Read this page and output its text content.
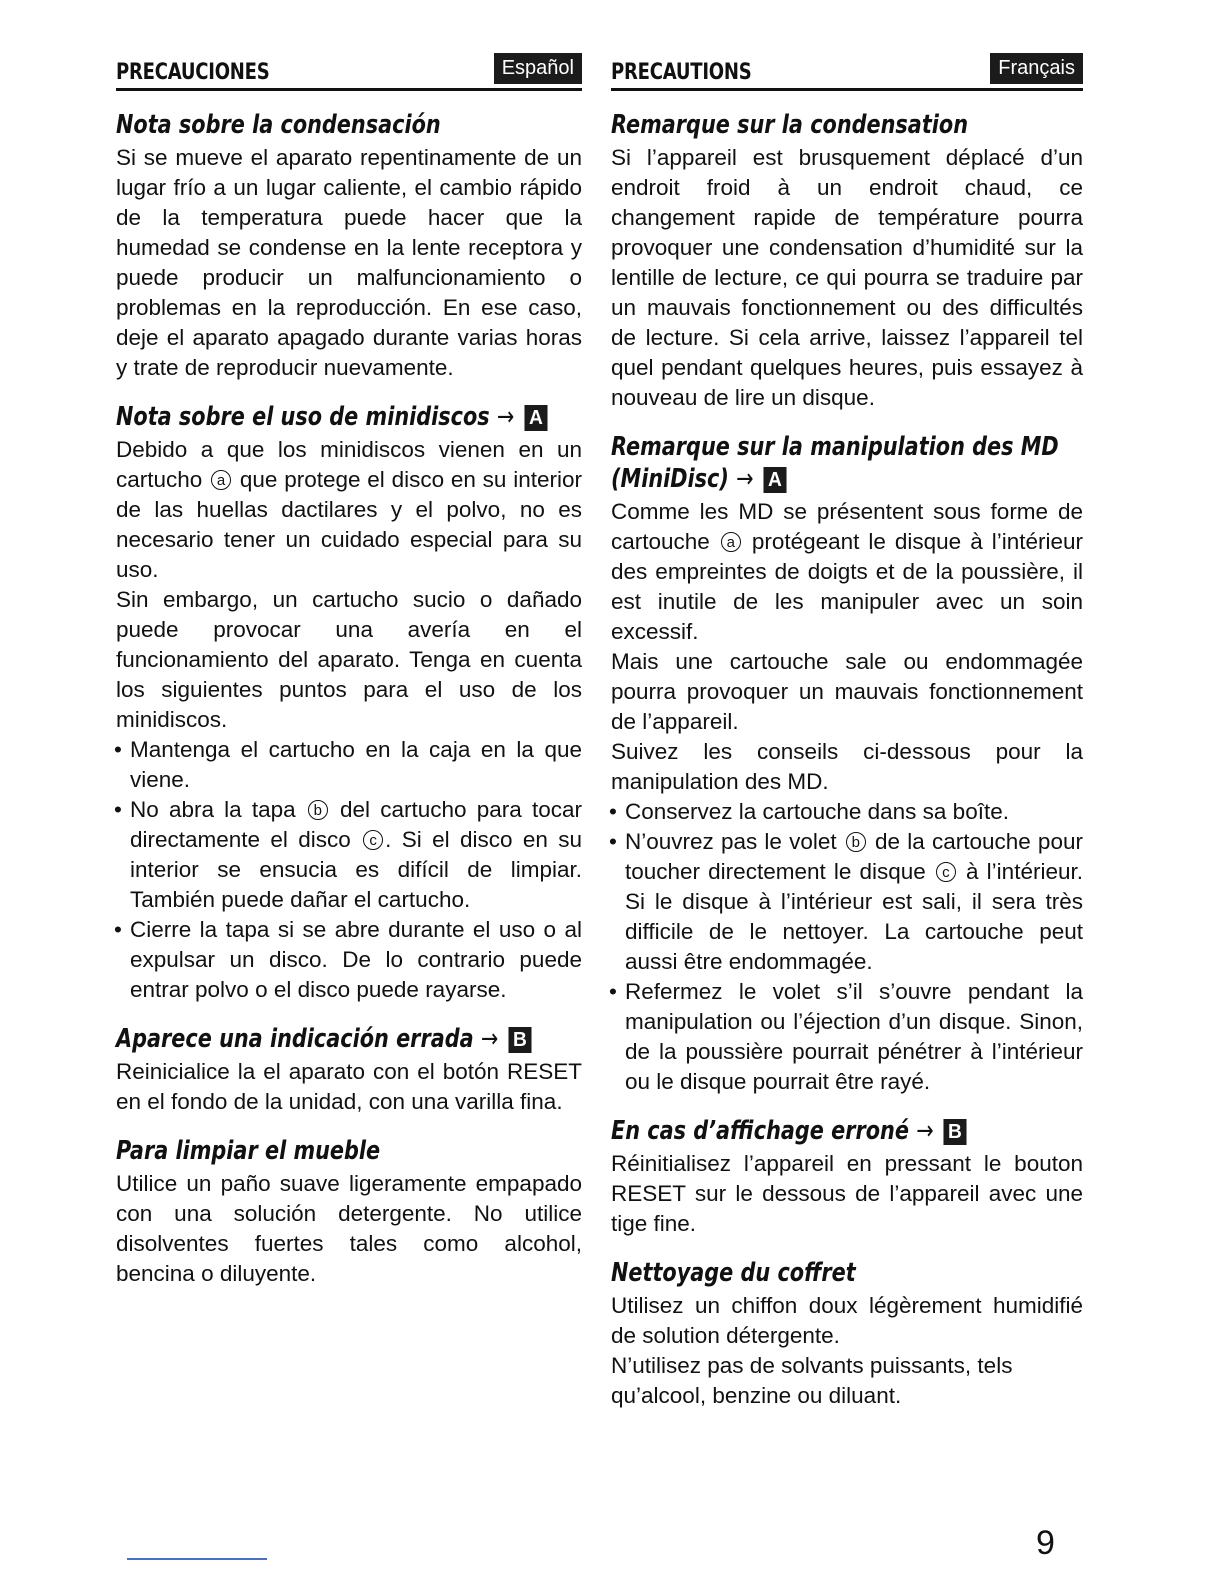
PRECAUCIONES	Español
Nota sobre la condensación

Si se mueve el aparato repentinamente de un lugar frío a un lugar caliente, el cambio rápido de la temperatura puede hacer que la humedad se condense en la lente receptora y puede producir un malfuncionamiento o problemas en la reproducción. En ese caso, deje el aparato apagado durante varias horas y trate de reproducir nuevamente.

Nota sobre el uso de minidiscos → A

Debido a que los minidiscos vienen en un cartucho a que protege el disco en su interior de las huellas dactilares y el polvo, no es necesario tener un cuidado especial para su uso.

Sin embargo, un cartucho sucio o dañado puede provocar una avería en el funcionamiento del aparato. Tenga en cuenta los siguientes puntos para el uso de los minidiscos.

• Mantenga el cartucho en la caja en la que viene.
• No abra la tapa b del cartucho para tocar directamente el disco c . Si el disco en su interior se ensucia es difícil de limpiar. También puede dañar el cartucho.
• Cierre la tapa si se abre durante el uso o al expulsar un disco. De lo contrario puede entrar polvo o el disco puede rayarse.
Aparece una indicación errada → B

Reinicialice la el aparato con el botón RESET en el fondo de la unidad, con una varilla fina.

Para limpiar el mueble

Utilice un paño suave ligeramente empapado con una solución detergente. No utilice disolventes fuertes tales como alcohol, bencina o diluyente.

PRECAUTIONS	Français
Remarque sur la condensation

Si l’appareil est brusquement déplacé d’un endroit froid à un endroit chaud, ce changement rapide de température pourra provoquer une condensation d’humidité sur la lentille de lecture, ce qui pourra se traduire par un mauvais fonctionnement ou des difficultés de lecture. Si cela arrive, laissez l’appareil tel quel pendant quelques heures, puis essayez à nouveau de lire un disque.

Remarque sur la manipulation des MD (MiniDisc) → A

Comme les MD se présentent sous forme de cartouche a protégeant le disque à l’intérieur des empreintes de doigts et de la poussière, il est inutile de les manipuler avec un soin excessif.

Mais une cartouche sale ou endommagée pourra provoquer un mauvais fonctionnement de l’appareil.

Suivez les conseils ci-dessous pour la manipulation des MD.

• Conservez la cartouche dans sa boîte.
• N’ouvrez pas le volet b de la cartouche pour toucher directement le disque c à l’intérieur. Si le disque à l’intérieur est sali, il sera très difficile de le nettoyer. La cartouche peut aussi être endommagée.
• Refermez le volet s’il s’ouvre pendant la manipulation ou l’éjection d’un disque. Sinon, de la poussière pourrait pénétrer à l’intérieur ou le disque pourrait être rayé.
En cas d’affichage erroné → B

Réinitialisez l’appareil en pressant le bouton RESET sur le dessous de l’appareil avec une tige fine.

Nettoyage du coffret

Utilisez un chiffon doux légèrement humidifié de solution détergente.

N’utilisez pas de solvants puissants, tels qu’alcool, benzine ou diluant.

9
